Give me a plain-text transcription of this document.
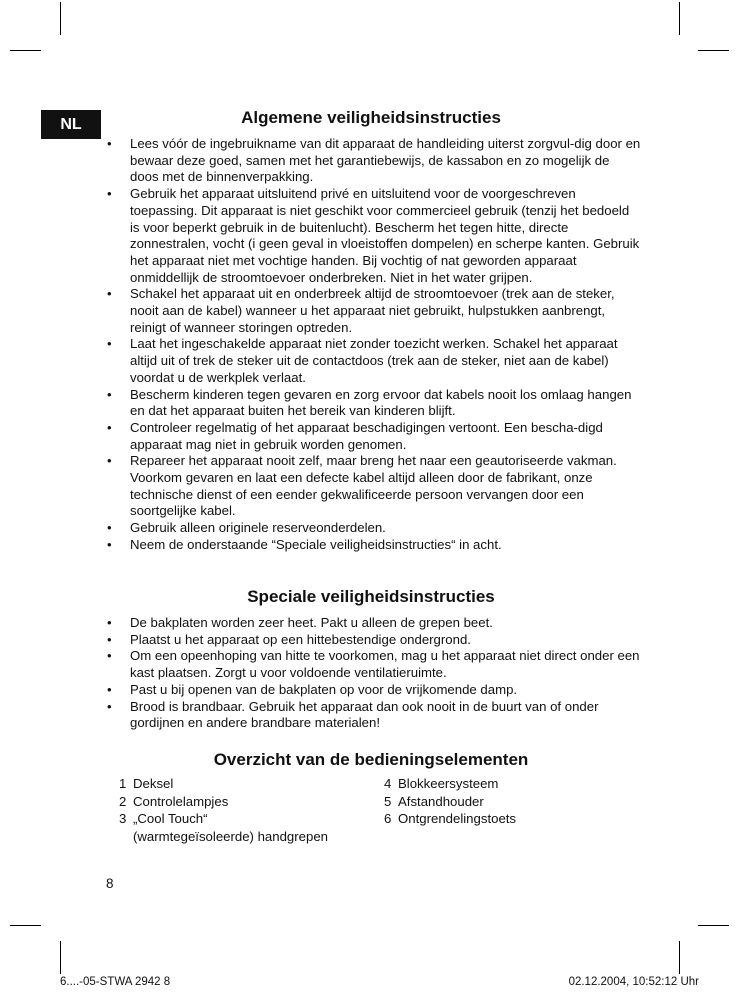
NL	Algemene veiligheidsinstructies
• Lees vóór de ingebruikname van dit apparaat de handleiding uiterst zorgvul-dig door en bewaar deze goed, samen met het garantiebewijs, de kassabon en zo mogelijk de doos met de binnenverpakking.
• Gebruik het apparaat uitsluitend privé en uitsluitend voor de voorgeschreven toepassing. Dit apparaat is niet geschikt voor commercieel gebruik (tenzij het bedoeld is voor beperkt gebruik in de buitenlucht). Bescherm het tegen hitte, directe zonnestralen, vocht (i geen geval in vloeistoffen dompelen) en scherpe kanten. Gebruik het apparaat niet met vochtige handen. Bij vochtig of nat geworden apparaat onmiddellijk de stroomtoevoer onderbreken. Niet in het water grijpen.
• Schakel het apparaat uit en onderbreek altijd de stroomtoevoer (trek aan de steker, nooit aan de kabel) wanneer u het apparaat niet gebruikt, hulpstukken aanbrengt, reinigt of wanneer storingen optreden.
• Laat het ingeschakelde apparaat niet zonder toezicht werken. Schakel het apparaat altijd uit of trek de steker uit de contactdoos (trek aan de steker, niet aan de kabel) voordat u de werkplek verlaat.
• Bescherm kinderen tegen gevaren en zorg ervoor dat kabels nooit los omlaag hangen en dat het apparaat buiten het bereik van kinderen blijft.
• Controleer regelmatig of het apparaat beschadigingen vertoont. Een bescha-digd apparaat mag niet in gebruik worden genomen.
• Repareer het apparaat nooit zelf, maar breng het naar een geautoriseerde vakman. Voorkom gevaren en laat een defecte kabel altijd alleen door de fabrikant, onze technische dienst of een eender gekwalificeerde persoon vervangen door een soortgelijke kabel.
• Gebruik alleen originele reserveonderdelen.
• Neem de onderstaande “Speciale veiligheidsinstructies“ in acht.
Speciale veiligheidsinstructies
• De bakplaten worden zeer heet. Pakt u alleen de grepen beet.
• Plaatst u het apparaat op een hittebestendige ondergrond.
• Om een opeenhoping van hitte te voorkomen, mag u het apparaat niet direct onder een kast plaatsen. Zorgt u voor voldoende ventilatieruimte.
• Past u bij openen van de bakplaten op voor de vrijkomende damp.
• Brood is brandbaar. Gebruik het apparaat dan ook nooit in de buurt van of onder gordijnen en andere brandbare materialen!
Overzicht van de bedieningselementen
1 Deksel
2 Controlelampjes
3 „Cool Touch“
(warmtegeïsoleerde) handgrepen
4 Blokkeersysteem
5 Afstandhouder
6 Ontgrendelingstoets
8
6....-05-STWA 2942 8	02.12.2004, 10:52:12 Uhr
